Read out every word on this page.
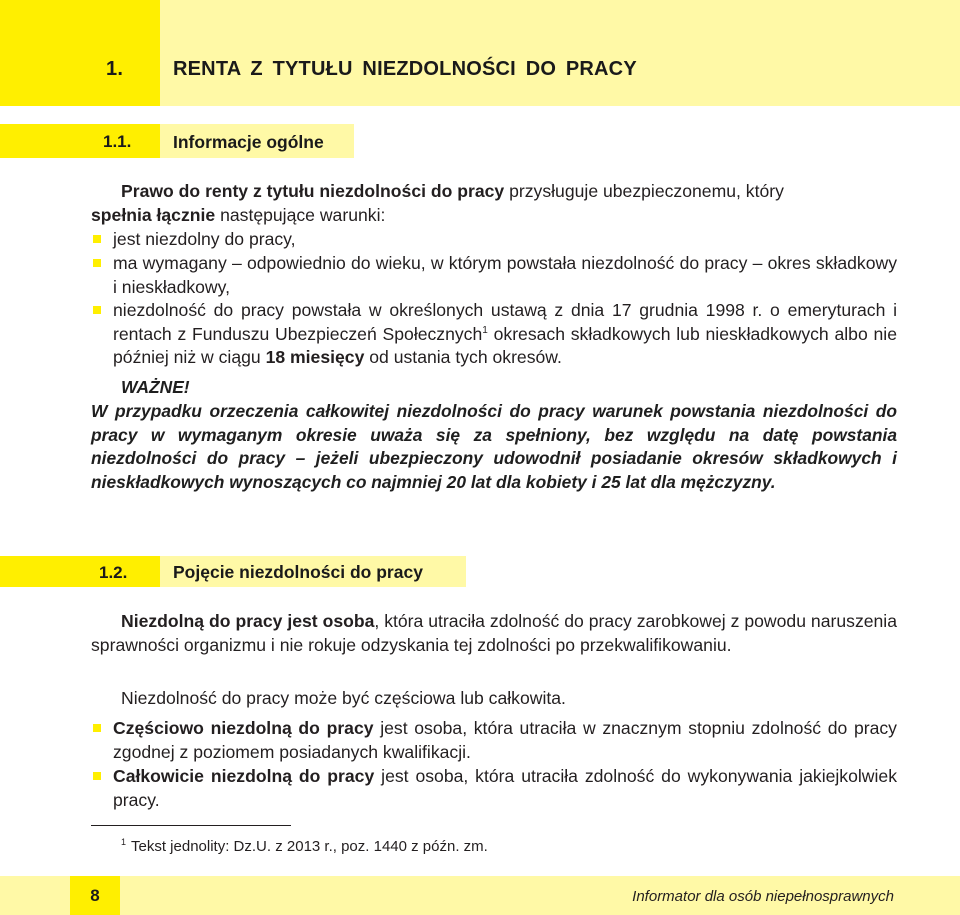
1. RENTA Z TYTUŁU NIEZDOLNOŚCI DO PRACY
1.1. Informacje ogólne
Prawo do renty z tytułu niezdolności do pracy przysługuje ubezpieczonemu, który
spełnia łącznie następujące warunki:
jest niezdolny do pracy,
ma wymagany – odpowiednio do wieku, w którym powstała niezdolność do pracy – okres składkowy i nieskładkowy,
niezdolność do pracy powstała w określonych ustawą z dnia 17 grudnia 1998 r. o emeryturach i rentach z Funduszu Ubezpieczeń Społecznych$^1$ okresach składkowych lub nieskładkowych albo nie później niż w ciągu 18 miesięcy od ustania tych okresów.
WAŻNE!
W przypadku orzeczenia całkowitej niezdolności do pracy warunek powstania niezdolności do pracy w wymaganym okresie uważa się za spełniony, bez względu na datę powstania niezdolności do pracy – jeżeli ubezpieczony udowodnił posiadanie okresów składkowych i nieskładkowych wynoszących co najmniej 20 lat dla kobiety i 25 lat dla mężczyzny.
1.2.	Pojęcie niezdolności do pracy
Niezdolną do pracy jest osoba, która utraciła zdolność do pracy zarobkowej z powodu naruszenia sprawności organizmu i nie rokuje odzyskania tej zdolności po przekwalifikowaniu.
Niezdolność do pracy może być częściowa lub całkowita.
Częściowo niezdolną do pracy jest osoba, która utraciła w znacznym stopniu zdolność do pracy zgodnej z poziomem posiadanych kwalifikacji.
Całkowicie niezdolną do pracy jest osoba, która utraciła zdolność do wykonywania jakiejkolwiek pracy.
1 Tekst jednolity: Dz.U. z 2013 r., poz. 1440 z późn. zm.
8	Informator dla osób niepełnosprawnych
